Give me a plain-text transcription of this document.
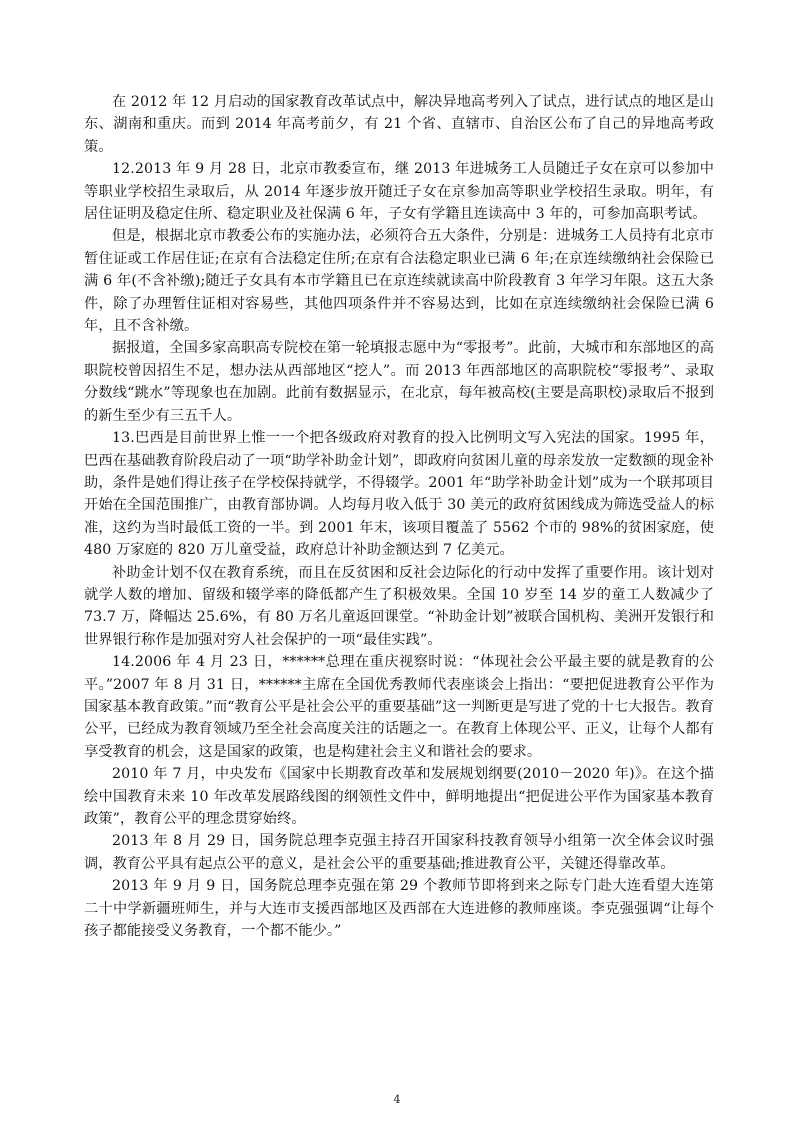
在 2012 年 12 月启动的国家教育改革试点中，解决异地高考列入了试点，进行试点的地区是山东、湖南和重庆。而到 2014 年高考前夕，有 21 个省、直辖市、自治区公布了自己的异地高考政策。

12.2013 年 9 月 28 日，北京市教委宣布，继 2013 年进城务工人员随迁子女在京可以参加中等职业学校招生录取后，从 2014 年逐步放开随迁子女在京参加高等职业学校招生录取。明年，有居住证明及稳定住所、稳定职业及社保满 6 年，子女有学籍且连读高中 3 年的，可参加高职考试。

但是，根据北京市教委公布的实施办法，必须符合五大条件，分别是：进城务工人员持有北京市暂住证或工作居住证;在京有合法稳定住所;在京有合法稳定职业已满 6 年;在京连续缴纳社会保险已满 6 年(不含补缴);随迁子女具有本市学籍且已在京连续就读高中阶段教育 3 年学习年限。这五大条件，除了办理暂住证相对容易些，其他四项条件并不容易达到，比如在京连续缴纳社会保险已满 6 年，且不含补缴。

据报道，全国多家高职高专院校在第一轮填报志愿中为“零报考”。此前，大城市和东部地区的高职院校曾因招生不足，想办法从西部地区“挖人”。而 2013 年西部地区的高职院校“零报考”、录取分数线“跳水”等现象也在加剧。此前有数据显示，在北京，每年被高校(主要是高职校)录取后不报到的新生至少有三五千人。

13.巴西是目前世界上惟一一个把各级政府对教育的投入比例明文写入宪法的国家。1995 年，巴西在基础教育阶段启动了一项“助学补助金计划”，即政府向贫困儿童的母亲发放一定数额的现金补助，条件是她们得让孩子在学校保持就学，不得辍学。2001 年“助学补助金计划”成为一个联邦项目开始在全国范围推广，由教育部协调。人均每月收入低于 30 美元的政府贫困线成为筛选受益人的标准，这约为当时最低工资的一半。到 2001 年末，该项目覆盖了 5562 个市的 98%的贫困家庭，使 480 万家庭的 820 万儿童受益，政府总计补助金额达到 7 亿美元。

补助金计划不仅在教育系统，而且在反贫困和反社会边际化的行动中发挥了重要作用。该计划对就学人数的增加、留级和辍学率的降低都产生了积极效果。全国 10 岁至 14 岁的童工人数减少了 73.7 万，降幅达 25.6%，有 80 万名儿童返回课堂。“补助金计划”被联合国机构、美洲开发银行和世界银行称作是加强对穷人社会保护的一项“最佳实践”。

14.2006 年 4 月 23 日，******总理在重庆视察时说：“体现社会公平最主要的就是教育的公平。”2007 年 8 月 31 日，******主席在全国优秀教师代表座谈会上指出：“要把促进教育公平作为国家基本教育政策。”而“教育公平是社会公平的重要基础”这一判断更是写进了党的十七大报告。教育公平，已经成为教育领域乃至全社会高度关注的话题之一。在教育上体现公平、正义，让每个人都有享受教育的机会，这是国家的政策，也是构建社会主义和谐社会的要求。

2010 年 7 月，中央发布《国家中长期教育改革和发展规划纲要(2010－2020 年)》。在这个描绘中国教育未来 10 年改革发展路线图的纲领性文件中，鲜明地提出“把促进公平作为国家基本教育政策”，教育公平的理念贯穿始终。

2013 年 8 月 29 日，国务院总理李克强主持召开国家科技教育领导小组第一次全体会议时强调，教育公平具有起点公平的意义，是社会公平的重要基础;推进教育公平，关键还得靠改革。

2013 年 9 月 9 日，国务院总理李克强在第 29 个教师节即将到来之际专门赴大连看望大连第二十中学新疆班师生，并与大连市支援西部地区及西部在大连进修的教师座谈。李克强强调“让每个孩子都能接受义务教育，一个都不能少。”

4
